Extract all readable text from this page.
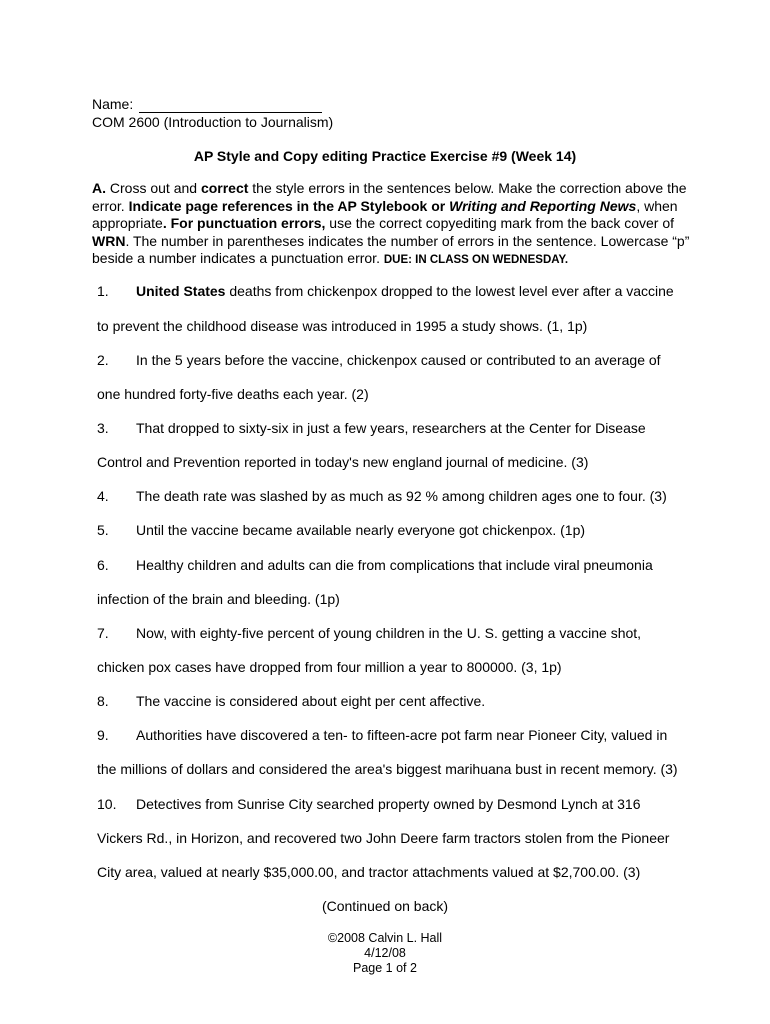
Name:
COM 2600 (Introduction to Journalism)
AP Style and Copy editing Practice Exercise #9 (Week 14)
A. Cross out and correct the style errors in the sentences below. Make the correction above the error. Indicate page references in the AP Stylebook or Writing and Reporting News, when appropriate. For punctuation errors, use the correct copyediting mark from the back cover of WRN. The number in parentheses indicates the number of errors in the sentence. Lowercase “p” beside a number indicates a punctuation error. DUE: IN CLASS ON WEDNESDAY.
1. United States deaths from chickenpox dropped to the lowest level ever after a vaccine
to prevent the childhood disease was introduced in 1995 a study shows. (1, 1p)
2. In the 5 years before the vaccine, chickenpox caused or contributed to an average of
one hundred forty-five deaths each year. (2)
3. That dropped to sixty-six in just a few years, researchers at the Center for Disease
Control and Prevention reported in today's new england journal of medicine. (3)
4. The death rate was slashed by as much as 92 % among children ages one to four. (3)
5. Until the vaccine became available nearly everyone got chickenpox. (1p)
6. Healthy children and adults can die from complications that include viral pneumonia
infection of the brain and bleeding. (1p)
7. Now, with eighty-five percent of young children in the U. S. getting a vaccine shot,
chicken pox cases have dropped from four million a year to 800000. (3, 1p)
8. The vaccine is considered about eight per cent affective.
9. Authorities have discovered a ten- to fifteen-acre pot farm near Pioneer City, valued in
the millions of dollars and considered the area's biggest marihuana bust in recent memory. (3)
10. Detectives from Sunrise City searched property owned by Desmond Lynch at 316
Vickers Rd., in Horizon, and recovered two John Deere farm tractors stolen from the Pioneer
City area, valued at nearly $35,000.00, and tractor attachments valued at $2,700.00. (3)
(Continued on back)
©2008 Calvin L. Hall
4/12/08
Page 1 of 2
